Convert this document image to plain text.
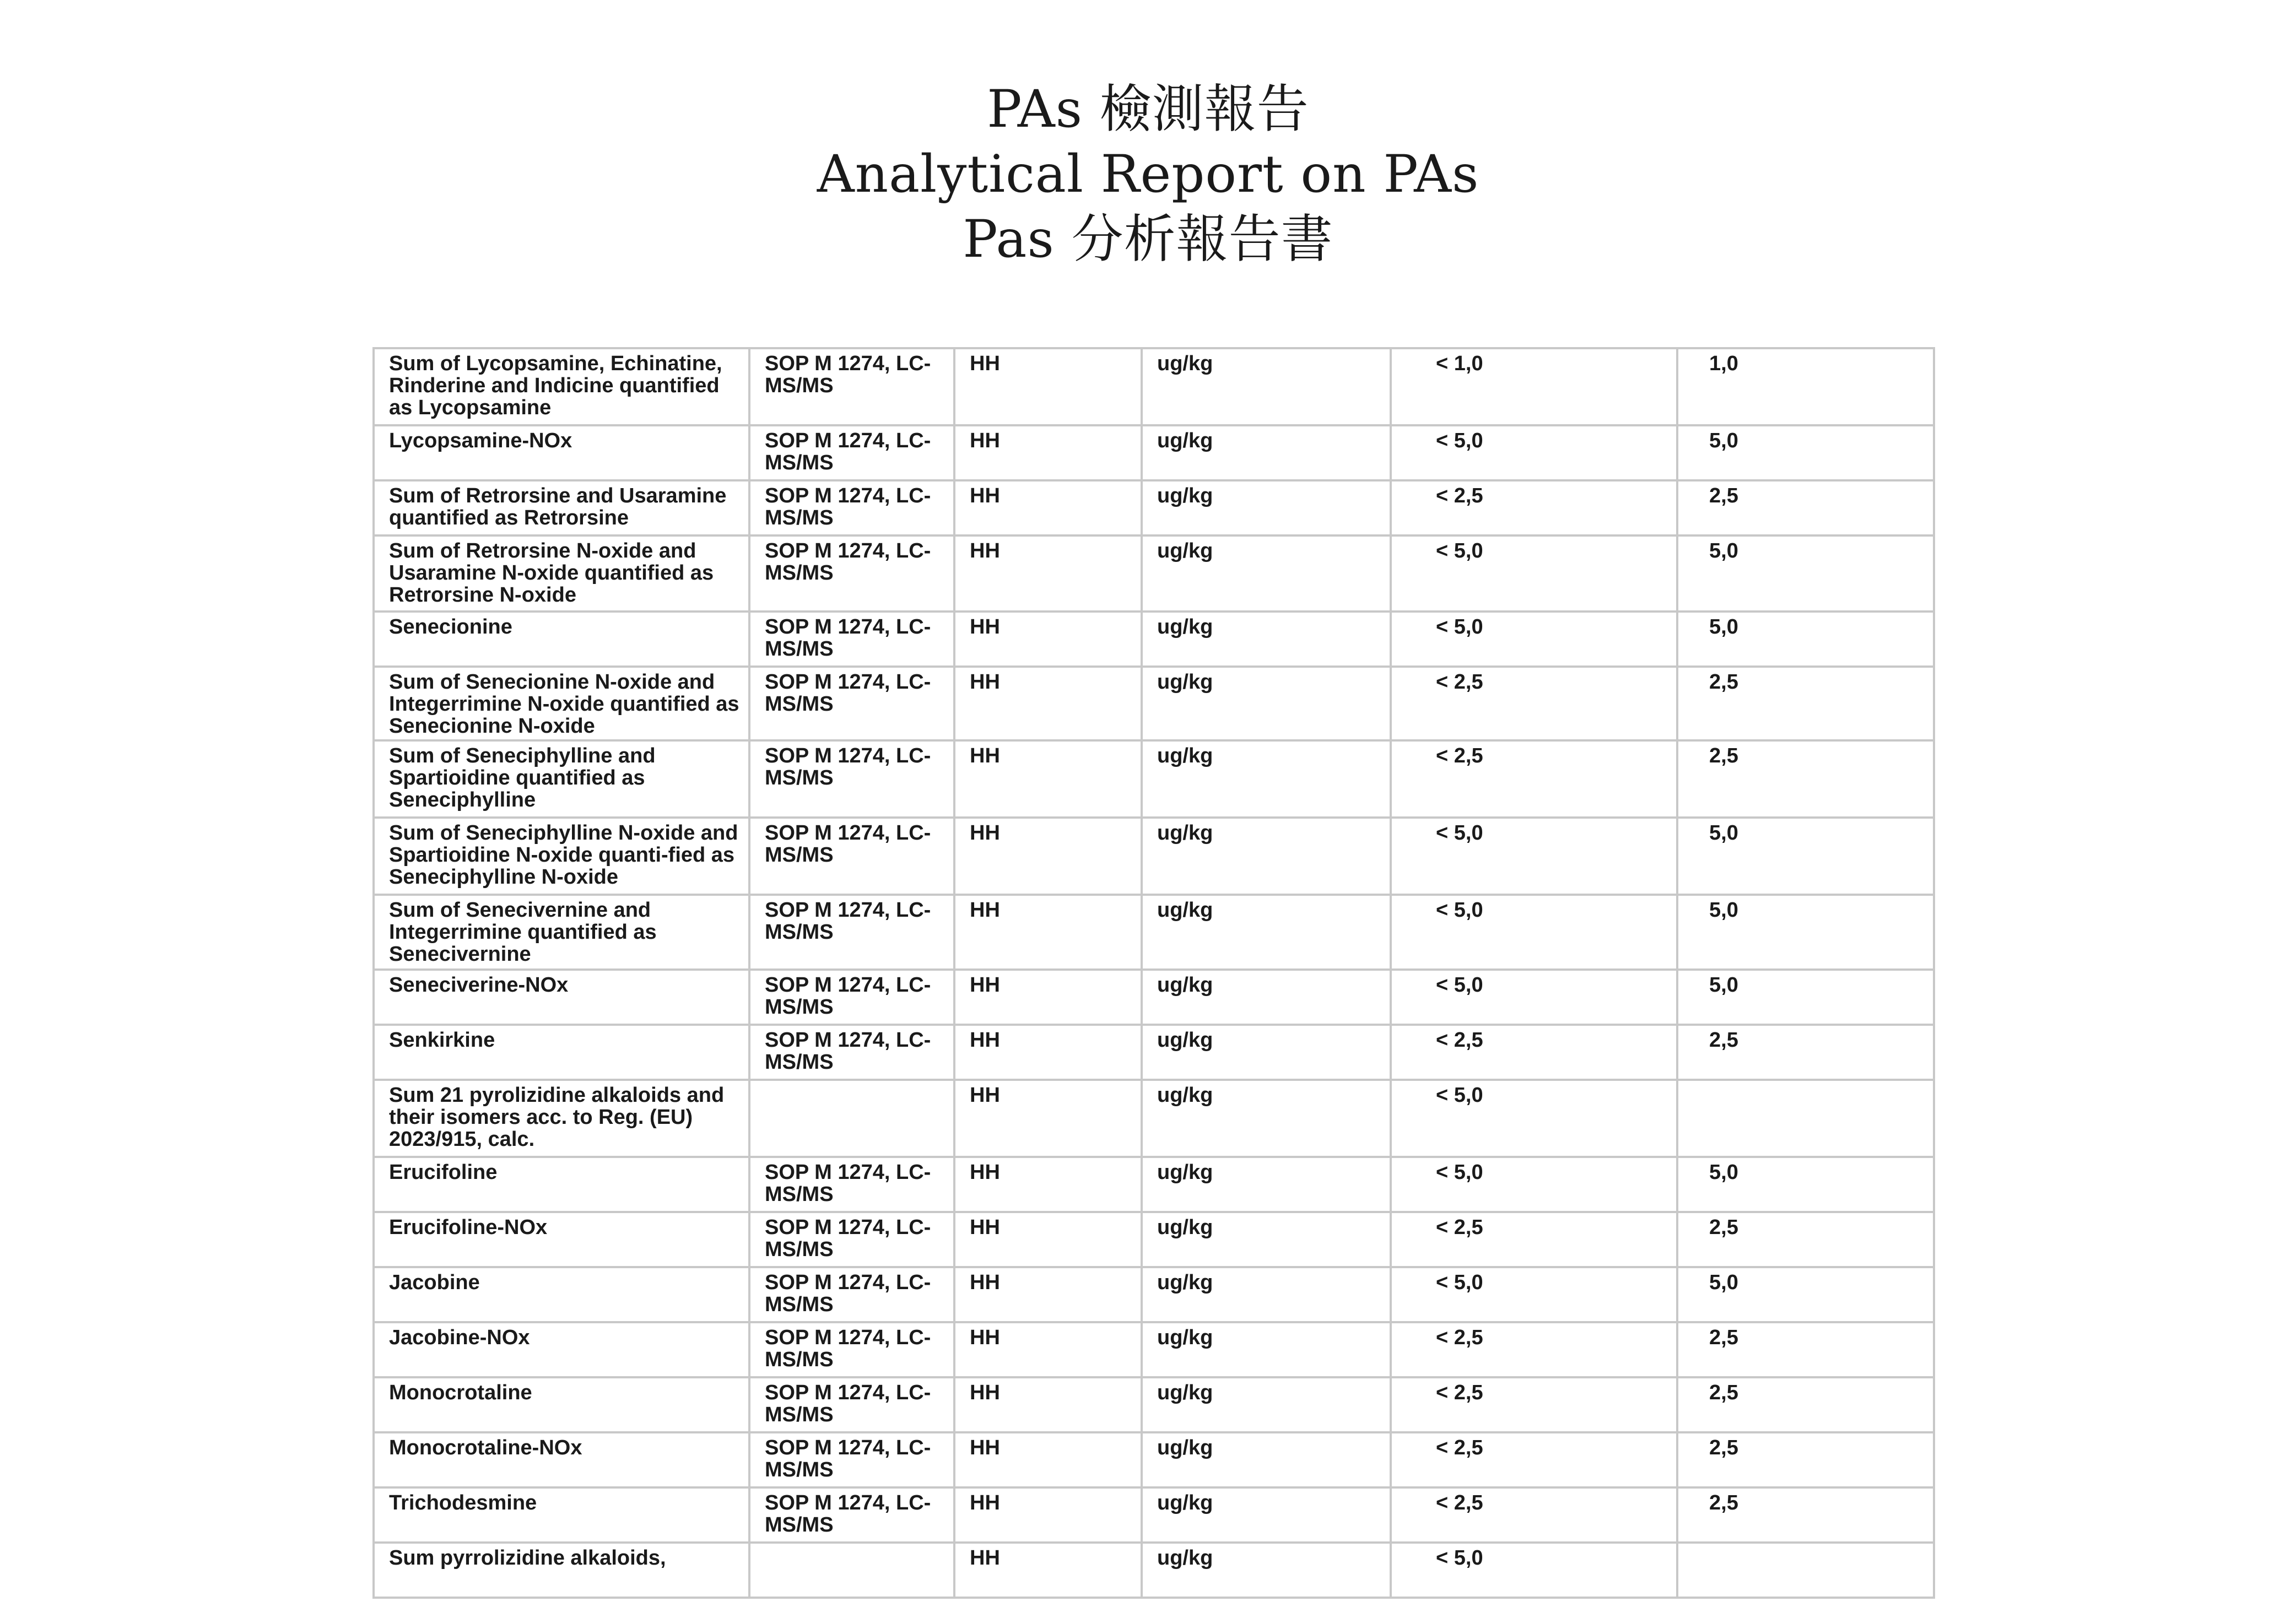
PAs 檢測報告
Analytical Report on PAs
Pas 分析報告書
Sum of Lycopsamine, Echinatine, Rinderine and Indicine quantified as Lycopsamine	SOP M 1274, LC-MS/MS	HH	ug/kg	< 1,0	1,0
Lycopsamine-NOx	SOP M 1274, LC-MS/MS	HH	ug/kg	< 5,0	5,0
Sum of Retrorsine and Usaramine quantified as Retrorsine	SOP M 1274, LC-MS/MS	HH	ug/kg	< 2,5	2,5
Sum of Retrorsine N-oxide and Usaramine N-oxide quantified as Retrorsine N-oxide	SOP M 1274, LC-MS/MS	HH	ug/kg	< 5,0	5,0
Senecionine	SOP M 1274, LC-MS/MS	HH	ug/kg	< 5,0	5,0
Sum of Senecionine N-oxide and Integerrimine N-oxide quantified as Senecionine N-oxide	SOP M 1274, LC-MS/MS	HH	ug/kg	< 2,5	2,5
Sum of Seneciphylline and Spartioidine quantified as Seneciphylline	SOP M 1274, LC-MS/MS	HH	ug/kg	< 2,5	2,5
Sum of Seneciphylline N-oxide and Spartioidine N-oxide quanti-fied as Seneciphylline N-oxide	SOP M 1274, LC-MS/MS	HH	ug/kg	< 5,0	5,0
Sum of Senecivernine and Integerrimine quantified as Senecivernine	SOP M 1274, LC-MS/MS	HH	ug/kg	< 5,0	5,0
Seneciverine-NOx	SOP M 1274, LC-MS/MS	HH	ug/kg	< 5,0	5,0
Senkirkine	SOP M 1274, LC-MS/MS	HH	ug/kg	< 2,5	2,5
Sum 21 pyrolizidine alkaloids and their isomers acc. to Reg. (EU) 2023/915, calc.		HH	ug/kg	< 5,0	
Erucifoline	SOP M 1274, LC-MS/MS	HH	ug/kg	< 5,0	5,0
Erucifoline-NOx	SOP M 1274, LC-MS/MS	HH	ug/kg	< 2,5	2,5
Jacobine	SOP M 1274, LC-MS/MS	HH	ug/kg	< 5,0	5,0
Jacobine-NOx	SOP M 1274, LC-MS/MS	HH	ug/kg	< 2,5	2,5
Monocrotaline	SOP M 1274, LC-MS/MS	HH	ug/kg	< 2,5	2,5
Monocrotaline-NOx	SOP M 1274, LC-MS/MS	HH	ug/kg	< 2,5	2,5
Trichodesmine	SOP M 1274, LC-MS/MS	HH	ug/kg	< 2,5	2,5
Sum pyrrolizidine alkaloids,		HH	ug/kg	< 5,0	
